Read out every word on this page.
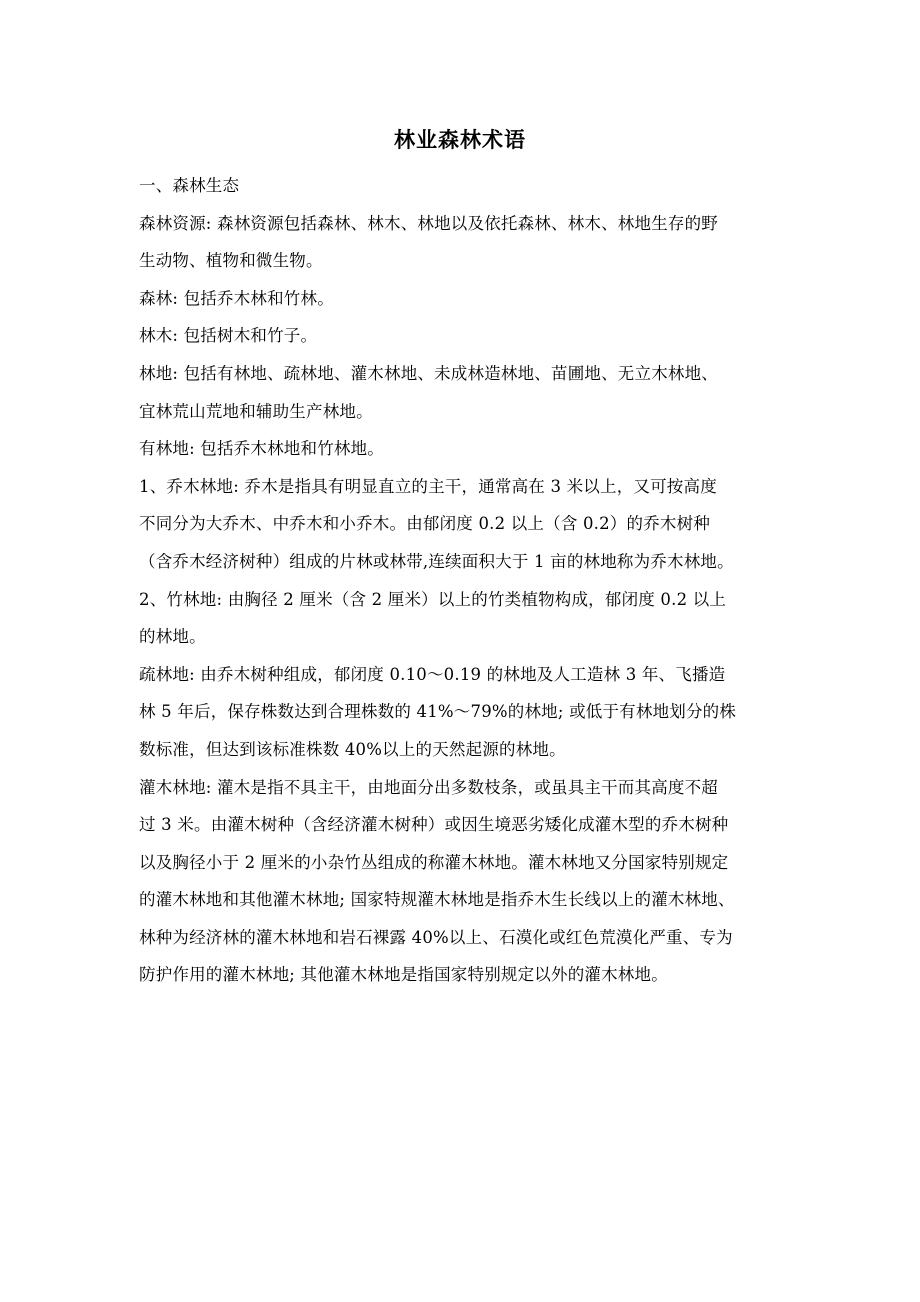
林业森林术语
一、森林生态
森林资源: 森林资源包括森林、林木、林地以及依托森林、林木、林地生存的野
生动物、植物和微生物。
森林: 包括乔木林和竹林。
林木: 包括树木和竹子。
林地: 包括有林地、疏林地、灌木林地、未成林造林地、苗圃地、无立木林地、
宜林荒山荒地和辅助生产林地。
有林地: 包括乔木林地和竹林地。
1、乔木林地: 乔木是指具有明显直立的主干，通常高在 3 米以上，又可按高度
不同分为大乔木、中乔木和小乔木。由郁闭度 0.2 以上（含 0.2）的乔木树种
（含乔木经济树种）组成的片林或林带,连续面积大于 1 亩的林地称为乔木林地。
2、竹林地: 由胸径 2 厘米（含 2 厘米）以上的竹类植物构成，郁闭度 0.2 以上
的林地。
疏林地: 由乔木树种组成，郁闭度 0.10～0.19 的林地及人工造林 3 年、飞播造
林 5 年后，保存株数达到合理株数的 41%～79%的林地; 或低于有林地划分的株
数标准，但达到该标准株数 40%以上的天然起源的林地。
灌木林地: 灌木是指不具主干，由地面分出多数枝条，或虽具主干而其高度不超
过 3 米。由灌木树种（含经济灌木树种）或因生境恶劣矮化成灌木型的乔木树种
以及胸径小于 2 厘米的小杂竹丛组成的称灌木林地。灌木林地又分国家特别规定
的灌木林地和其他灌木林地; 国家特规灌木林地是指乔木生长线以上的灌木林地、
林种为经济林的灌木林地和岩石裸露 40%以上、石漠化或红色荒漠化严重、专为
防护作用的灌木林地; 其他灌木林地是指国家特别规定以外的灌木林地。
